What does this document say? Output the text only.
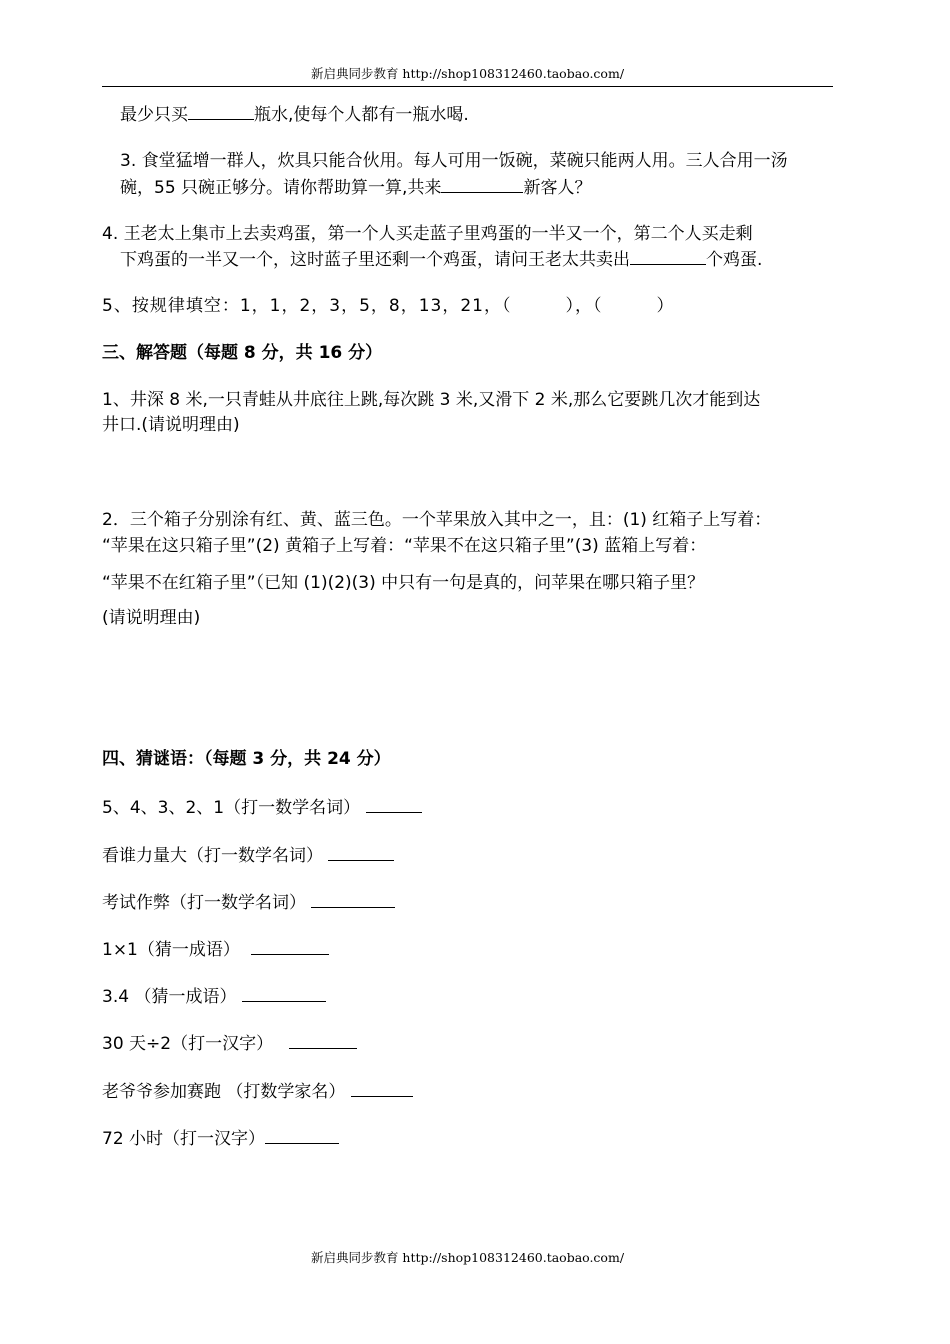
新启典同步教育 http://shop108312460.taobao.com/
最少只买	瓶水,使每个人都有一瓶水喝.
3. 食堂猛增一群人，炊具只能合伙用。每人可用一饭碗，菜碗只能两人用。三人合用一汤
碗，55 只碗正够分。请你帮助算一算,共来	新客人？
4. 王老太上集市上去卖鸡蛋，第一个人买走蓝子里鸡蛋的一半又一个，第二个人买走剩
下鸡蛋的一半又一个，这时蓝子里还剩一个鸡蛋，请问王老太共卖出	个鸡蛋.
5、按规律填空：1，1，2，3，5，8，13，21，（　　　），（　　　）
三、解答题（每题 8 分，共 16 分）
1、井深 8 米,一只青蛙从井底往上跳,每次跳 3 米,又滑下 2 米,那么它要跳几次才能到达
井口.(请说明理由)
2．三个箱子分别涂有红、黄、蓝三色。一个苹果放入其中之一，且：(1) 红箱子上写着：
“苹果在这只箱子里”(2) 黄箱子上写着：“苹果不在这只箱子里”(3) 蓝箱上写着：
“苹果不在红箱子里”（已知 (1)(2)(3) 中只有一句是真的，问苹果在哪只箱子里？
(请说明理由)
四、猜谜语：（每题 3 分，共 24 分）
5、4、3、2、1（打一数学名词）
看谁力量大（打一数学名词）
考试作弊（打一数学名词）
1×1（猜一成语）
3.4 （猜一成语）
30 天÷2（打一汉字）
老爷爷参加赛跑 （打数学家名）
72 小时（打一汉字）
新启典同步教育 http://shop108312460.taobao.com/
